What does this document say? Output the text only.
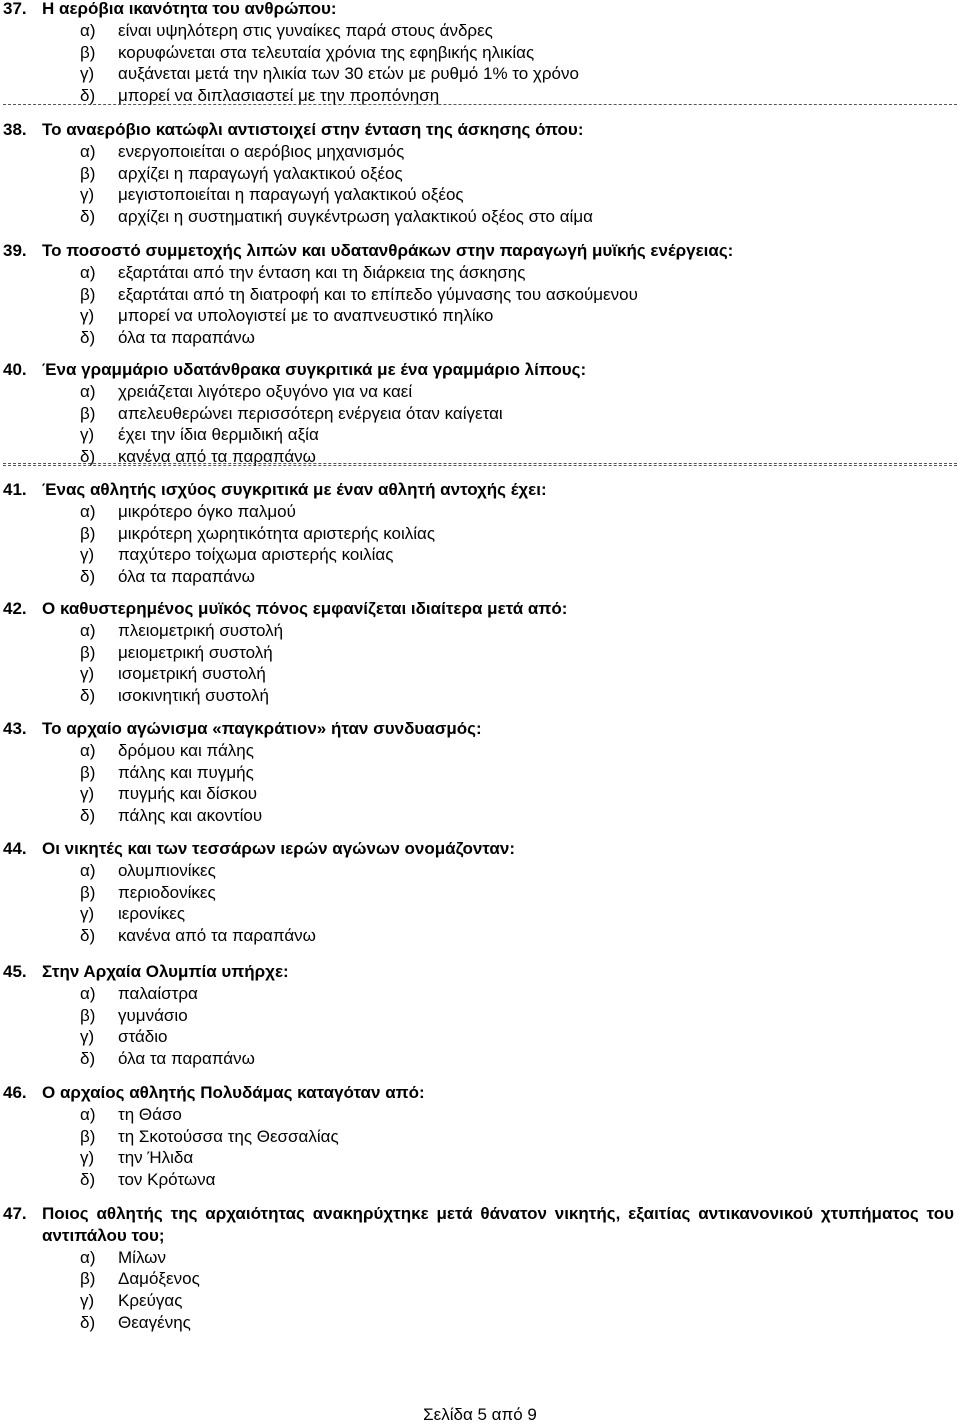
37. Η αερόβια ικανότητα του ανθρώπου:
α)	είναι υψηλότερη στις γυναίκες παρά στους άνδρες
β)	κορυφώνεται στα τελευταία χρόνια της εφηβικής ηλικίας
γ)	αυξάνεται μετά την ηλικία των 30 ετών με ρυθμό 1% το χρόνο
δ)	μπορεί να διπλασιαστεί με την προπόνηση
38. Το αναερόβιο κατώφλι αντιστοιχεί στην ένταση της άσκησης όπου:
α)	ενεργοποιείται ο αερόβιος μηχανισμός
β)	αρχίζει η παραγωγή γαλακτικού οξέος
γ)	μεγιστοποιείται η παραγωγή γαλακτικού οξέος
δ)	αρχίζει η συστηματική συγκέντρωση γαλακτικού οξέος στο αίμα
39. Το ποσοστό συμμετοχής λιπών και υδατανθράκων στην παραγωγή μυϊκής ενέργειας:
α)	εξαρτάται από την ένταση και τη διάρκεια της άσκησης
β)	εξαρτάται από τη διατροφή και το επίπεδο γύμνασης του ασκούμενου
γ)	μπορεί να υπολογιστεί με το αναπνευστικό πηλίκο
δ)	όλα τα παραπάνω
40. Ένα γραμμάριο υδατάνθρακα συγκριτικά με ένα γραμμάριο λίπους:
α)	χρειάζεται λιγότερο οξυγόνο για να καεί
β)	απελευθερώνει περισσότερη ενέργεια όταν καίγεται
γ)	έχει την ίδια θερμιδική αξία
δ)	κανένα από τα παραπάνω
41. Ένας αθλητής ισχύος συγκριτικά με έναν αθλητή αντοχής έχει:
α)	μικρότερο όγκο παλμού
β)	μικρότερη χωρητικότητα αριστερής κοιλίας
γ)	παχύτερο τοίχωμα αριστερής κοιλίας
δ)	όλα τα παραπάνω
42. Ο καθυστερημένος μυϊκός πόνος εμφανίζεται ιδιαίτερα μετά από:
α)	πλειομετρική συστολή
β)	μειομετρική συστολή
γ)	ισομετρική συστολή
δ)	ισοκινητική συστολή
43. Το αρχαίο αγώνισμα «παγκράτιον» ήταν συνδυασμός:
α)	δρόμου και πάλης
β)	πάλης και πυγμής
γ)	πυγμής και δίσκου
δ)	πάλης και ακοντίου
44. Οι νικητές και των τεσσάρων ιερών αγώνων ονομάζονταν:
α)	ολυμπιονίκες
β)	περιοδονίκες
γ)	ιερονίκες
δ)	κανένα από τα παραπάνω
45. Στην Αρχαία Ολυμπία υπήρχε:
α)	παλαίστρα
β)	γυμνάσιο
γ)	στάδιο
δ)	όλα τα παραπάνω
46. Ο αρχαίος αθλητής Πολυδάμας καταγόταν από:
α)	τη Θάσο
β)	τη Σκοτούσσα της Θεσσαλίας
γ)	την Ήλιδα
δ)	τον Κρότωνα
47. Ποιος αθλητής της αρχαιότητας ανακηρύχτηκε μετά θάνατον νικητής, εξαιτίας αντικανονικού χτυπήματος του αντιπάλου του;
α)	Μίλων
β)	Δαμόξενος
γ)	Κρεύγας
δ)	Θεαγένης
Σελίδα 5 από 9
